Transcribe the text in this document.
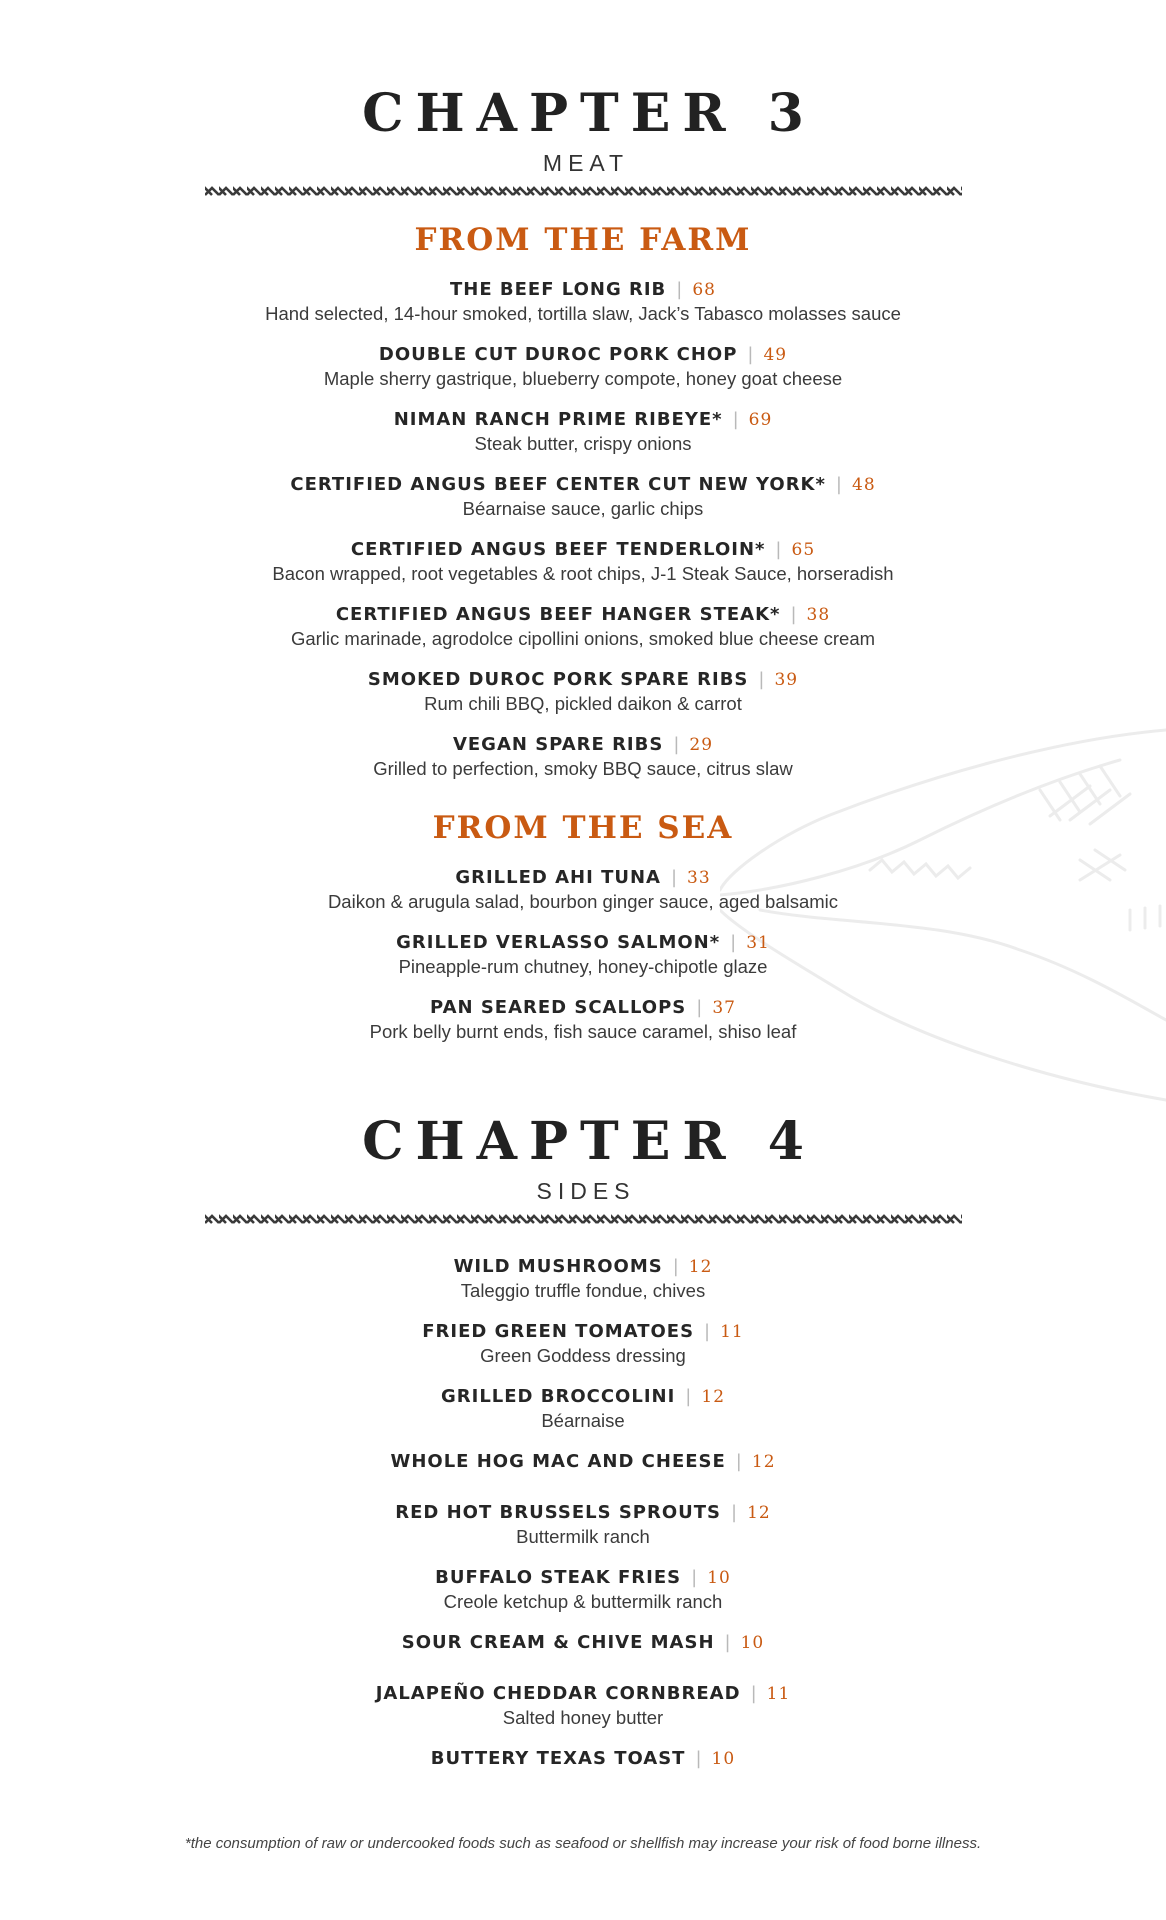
CHAPTER 3
MEAT
FROM THE FARM
THE BEEF LONG RIB | 68
Hand selected, 14-hour smoked, tortilla slaw, Jack’s Tabasco molasses sauce
DOUBLE CUT DUROC PORK CHOP | 49
Maple sherry gastrique, blueberry compote, honey goat cheese
NIMAN RANCH PRIME RIBEYE* | 69
Steak butter, crispy onions
CERTIFIED ANGUS BEEF CENTER CUT NEW YORK* | 48
Béarnaise sauce, garlic chips
CERTIFIED ANGUS BEEF TENDERLOIN* | 65
Bacon wrapped, root vegetables & root chips, J-1 Steak Sauce, horseradish
CERTIFIED ANGUS BEEF HANGER STEAK* | 38
Garlic marinade, agrodolce cipollini onions, smoked blue cheese cream
SMOKED DUROC PORK SPARE RIBS | 39
Rum chili BBQ, pickled daikon & carrot
VEGAN SPARE RIBS | 29
Grilled to perfection, smoky BBQ sauce, citrus slaw
FROM THE SEA
GRILLED AHI TUNA | 33
Daikon & arugula salad, bourbon ginger sauce, aged balsamic
GRILLED VERLASSO SALMON* | 31
Pineapple-rum chutney, honey-chipotle glaze
PAN SEARED SCALLOPS | 37
Pork belly burnt ends, fish sauce caramel, shiso leaf
CHAPTER 4
SIDES
WILD MUSHROOMS | 12
Taleggio truffle fondue, chives
FRIED GREEN TOMATOES | 11
Green Goddess dressing
GRILLED BROCCOLINI | 12
Béarnaise
WHOLE HOG MAC AND CHEESE | 12
RED HOT BRUSSELS SPROUTS | 12
Buttermilk ranch
BUFFALO STEAK FRIES | 10
Creole ketchup & buttermilk ranch
SOUR CREAM & CHIVE MASH | 10
JALAPEÑO CHEDDAR CORNBREAD | 11
Salted honey butter
BUTTERY TEXAS TOAST | 10
*the consumption of raw or undercooked foods such as seafood or shellfish may increase your risk of food borne illness.
